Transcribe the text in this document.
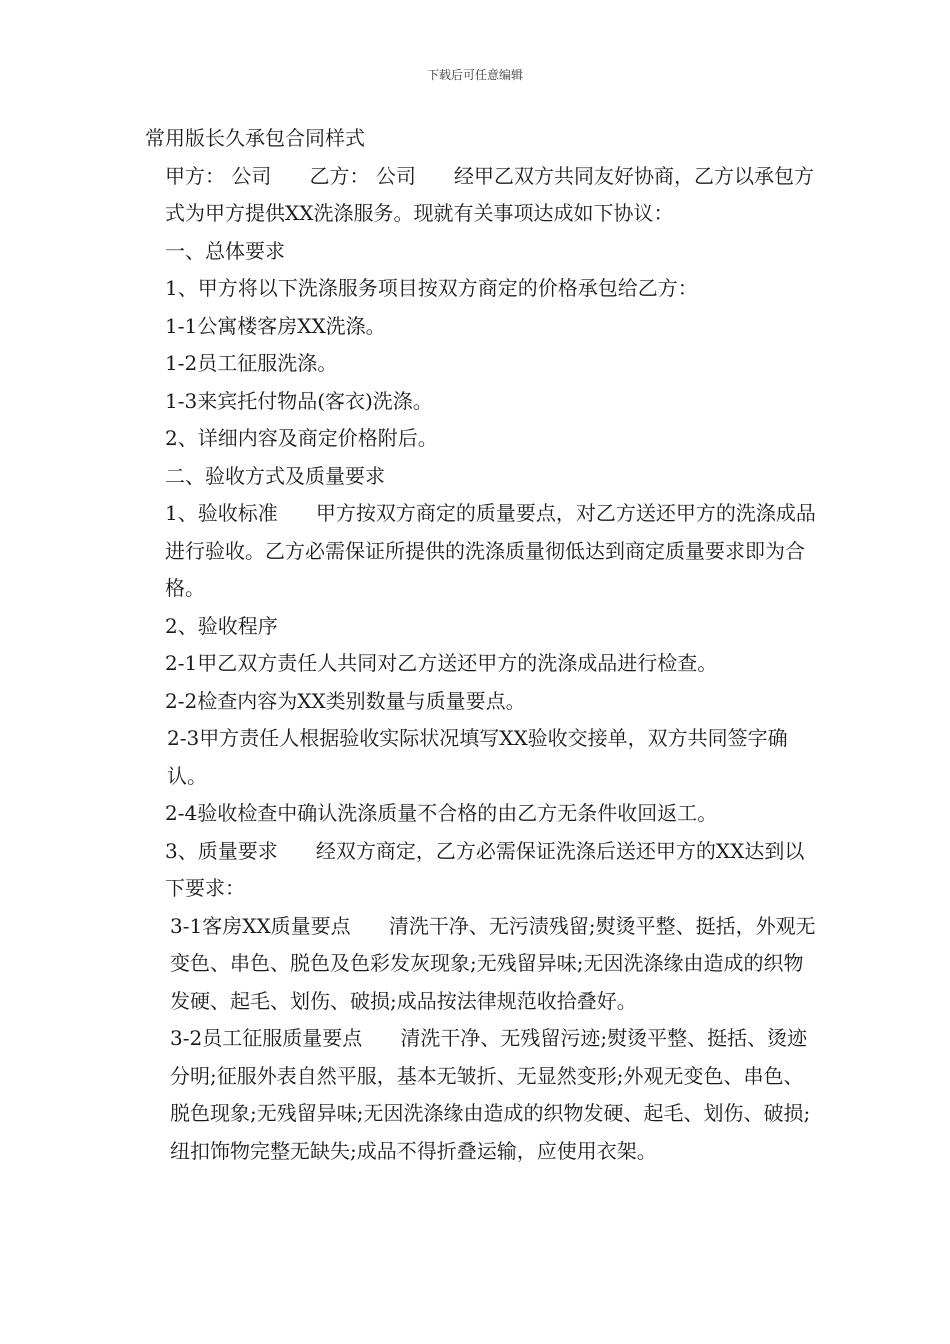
下载后可任意编辑

常用版长久承包合同样式

甲方： 公司      乙方： 公司      经甲乙双方共同友好协商，乙方以承包方式为甲方提供XX洗涤服务。现就有关事项达成如下协议：

一、总体要求

1、甲方将以下洗涤服务项目按双方商定的价格承包给乙方：

1-1公寓楼客房XX洗涤。

1-2员工征服洗涤。

1-3来宾托付物品(客衣)洗涤。

2、详细内容及商定价格附后。

二、验收方式及质量要求

1、验收标准      甲方按双方商定的质量要点，对乙方送还甲方的洗涤成品进行验收。乙方必需保证所提供的洗涤质量彻低达到商定质量要求即为合格。

2、验收程序

2-1甲乙双方责任人共同对乙方送还甲方的洗涤成品进行检查。

2-2检查内容为XX类别数量与质量要点。

2-3甲方责任人根据验收实际状况填写XX验收交接单，双方共同签字确认。

2-4验收检查中确认洗涤质量不合格的由乙方无条件收回返工。

3、质量要求      经双方商定，乙方必需保证洗涤后送还甲方的XX达到以下要求：

3-1客房XX质量要点      清洗干净、无污渍残留;熨烫平整、挺括，外观无变色、串色、脱色及色彩发灰现象;无残留异味;无因洗涤缘由造成的织物发硬、起毛、划伤、破损;成品按法律规范收拾叠好。

3-2员工征服质量要点      清洗干净、无残留污迹;熨烫平整、挺括、烫迹分明;征服外表自然平服，基本无皱折、无显然变形;外观无变色、串色、脱色现象;无残留异味;无因洗涤缘由造成的织物发硬、起毛、划伤、破损;纽扣饰物完整无缺失;成品不得折叠运输，应使用衣架。
